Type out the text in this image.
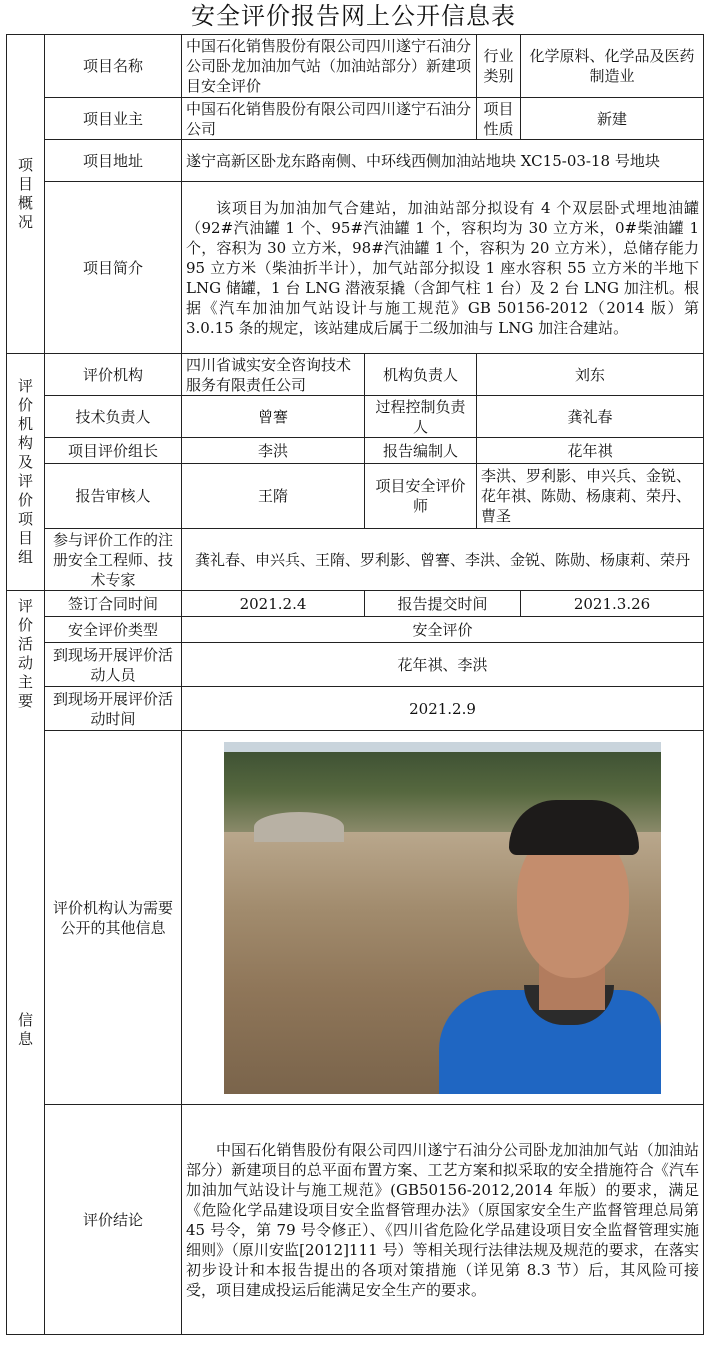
安全评价报告网上公开信息表
项目概况	项目名称	中国石化销售股份有限公司四川遂宁石油分公司卧龙加油加气站（加油站部分）新建项目安全评价		行业类别	化学原料、化学品及医药制造业
	项目业主	中国石化销售股份有限公司四川遂宁石油分公司		项目性质	新建
	项目地址	遂宁高新区卧龙东路南侧、中环线西侧加油站地块 XC15-03-18 号地块			
	项目简介	该项目为加油加气合建站，加油站部分拟设有 4 个双层卧式埋地油罐（92#汽油罐 1 个、95#汽油罐 1 个，容积均为 30 立方米，0#柴油罐 1 个，容积为 30 立方米，98#汽油罐 1 个，容积为 20 立方米），总储存能力 95 立方米（柴油折半计），加气站部分拟设 1 座水容积 55 立方米的半地下 LNG 储罐，1 台 LNG 潜液泵撬（含卸气柱 1 台）及 2 台 LNG 加注机。根据《汽车加油加气站设计与施工规范》GB 50156-2012（2014 版）第 3.0.15 条的规定，该站建成后属于二级加油与 LNG 加注合建站。			

评价机构及评价项目组	评价机构	四川省诚实安全咨询技术服务有限责任公司	机构负责人	刘东	
	技术负责人	曾謇	过程控制负责人	龚礼春	
	项目评价组长	李洪	报告编制人	花年祺	
	报告审核人	王隋	项目安全评价师	李洪、罗利影、申兴兵、金锐、花年祺、陈勋、杨康莉、荣丹、曹圣	
	参与评价工作的注册安全工程师、技术专家	龚礼春、申兴兵、王隋、罗利影、曾謇、李洪、金锐、陈勋、杨康莉、荣丹			

评价活动主要
信息	签订合同时间	2021.2.4	报告提交时间		2021.3.26
	安全评价类型	安全评价			
	到现场开展评价活动人员	花年祺、李洪			
	到现场开展评价活动时间	2021.2.9			
	评价机构认为需要公开的其他信息				

	评价结论	中国石化销售股份有限公司四川遂宁石油分公司卧龙加油加气站（加油站部分）新建项目的总平面布置方案、工艺方案和拟采取的安全措施符合《汽车加油加气站设计与施工规范》(GB50156-2012,2014 年版）的要求，满足《危险化学品建设项目安全监督管理办法》（原国家安全生产监督管理总局第 45 号令，第 79 号令修正）、《四川省危险化学品建设项目安全监督管理实施细则》（原川安监[2012]111 号）等相关现行法律法规及规范的要求，在落实初步设计和本报告提出的各项对策措施（详见第 8.3 节）后，其风险可接受，项目建成投运后能满足安全生产的要求。			
